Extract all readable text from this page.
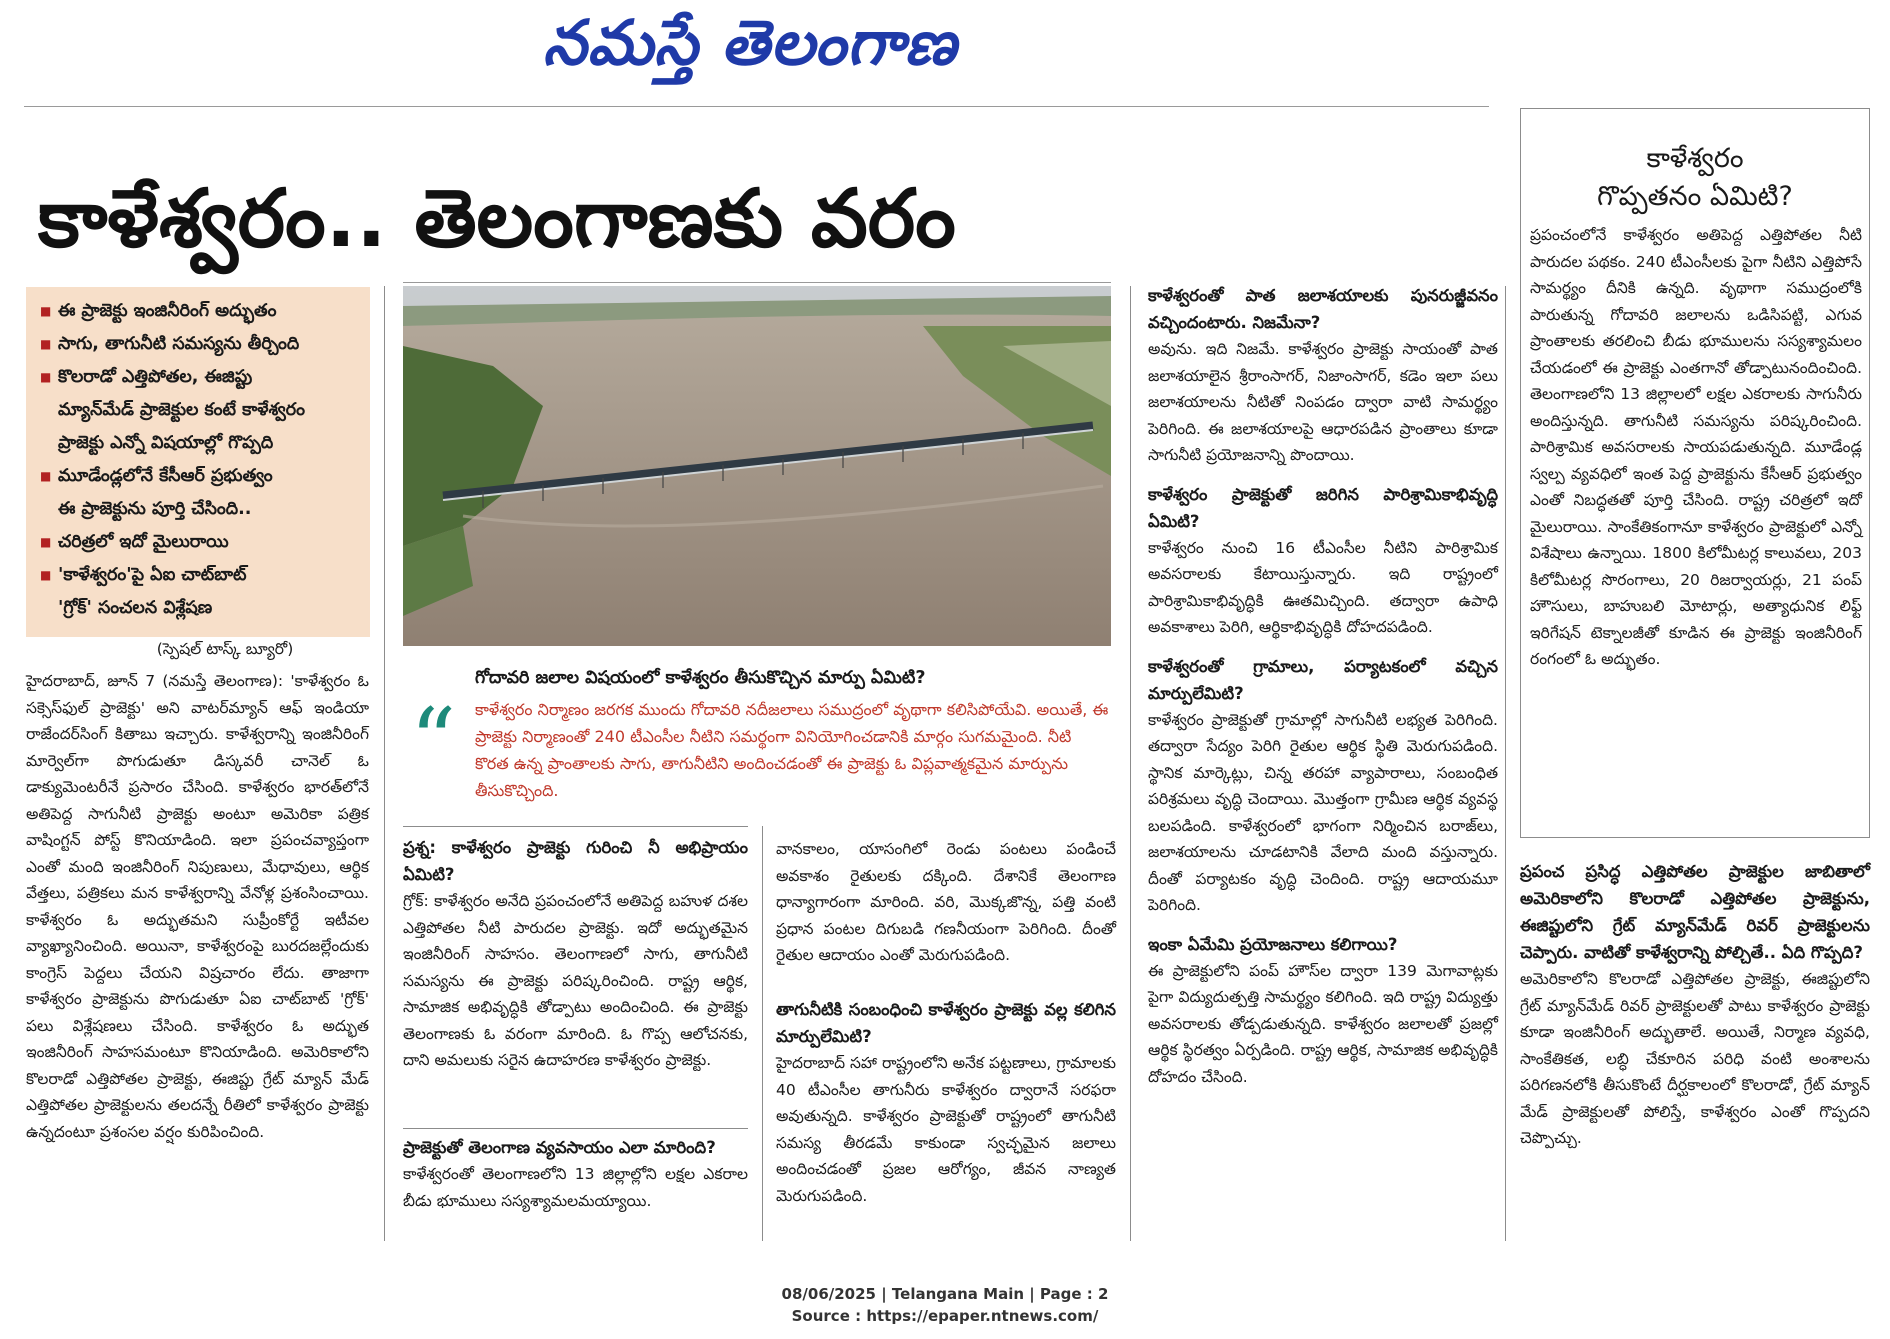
నమస్తే తెలంగాణ
కాళేశ్వరం.. తెలంగాణకు వరం
■ ఈ ప్రాజెక్టు ఇంజినీరింగ్ అద్భుతం
■ సాగు, తాగునీటి సమస్యను తీర్చింది
■ కొలరాడో ఎత్తిపోతల, ఈజిప్టు
మ్యాన్‌మేడ్ ప్రాజెక్టుల కంటే కాళేశ్వరం
ప్రాజెక్టు ఎన్నో విషయాల్లో గొప్పది
■ మూడేండ్లలోనే కేసీఆర్ ప్రభుత్వం
ఈ ప్రాజెక్టును పూర్తి చేసింది..
■ చరిత్రలో ఇదో మైలురాయి
■ 'కాళేశ్వరం'పై ఏఐ చాట్‌బాట్
'గ్రోక్' సంచలన విశ్లేషణ
గోదావరి జలాల విషయంలో కాళేశ్వరం తీసుకొచ్చిన మార్పు ఏమిటి?
“ కాళేశ్వరం నిర్మాణం జరగక ముందు గోదావరి నదీజలాలు సముద్రంలో వృథాగా కలిసిపోయేవి. అయితే, ఈ ప్రాజెక్టు నిర్మాణంతో 240 టీఎంసీల నీటిని సమర్థంగా వినియోగించడానికి మార్గం సుగమమైంది. నీటి కొరత ఉన్న ప్రాంతాలకు సాగు, తాగునీటిని అందించడంతో ఈ ప్రాజెక్టు ఓ విప్లవాత్మకమైన మార్పును తీసుకొచ్చింది.
(స్పెషల్ టాస్క్ బ్యూరో)

హైదరాబాద్, జూన్ 7 (నమస్తే తెలంగాణ): 'కాళేశ్వరం ఓ సక్సెస్‌ఫుల్ ప్రాజెక్టు' అని వాటర్‌మ్యాన్ ఆఫ్ ఇండియా రాజేందర్‌సింగ్ కితాబు ఇచ్చారు. కాళేశ్వరాన్ని ఇంజినీరింగ్ మార్వెల్‌గా పొగుడుతూ డిస్కవరీ చానెల్ ఓ డాక్యుమెంటరీనే ప్రసారం చేసింది. కాళేశ్వరం భారత్‌లోనే అతిపెద్ద సాగునీటి ప్రాజెక్టు అంటూ అమెరికా పత్రిక వాషింగ్టన్ పోస్ట్ కొనియాడింది. ఇలా ప్రపంచవ్యాప్తంగా ఎంతో మంది ఇంజినీరింగ్ నిపుణులు, మేధావులు, ఆర్థిక వేత్తలు, పత్రికలు మన కాళేశ్వరాన్ని వేనోళ్ల ప్రశంసించాయి. కాళేశ్వరం ఓ అద్భుతమని సుప్రీంకోర్టే ఇటీవల వ్యాఖ్యానించింది. అయినా, కాళేశ్వరంపై బురదజల్లేందుకు కాంగ్రెస్ పెద్దలు చేయని విష్రచారం లేదు. తాజాగా కాళేశ్వరం ప్రాజెక్టును పొగుడుతూ ఏఐ చాట్‌బాట్ 'గ్రోక్' పలు విశ్లేషణలు చేసింది. కాళేశ్వరం ఓ అద్భుత ఇంజినీరింగ్ సాహసమంటూ కొనియాడింది. అమెరికాలోని కొలరాడో ఎత్తిపోతల ప్రాజెక్టు, ఈజిప్టు గ్రేట్ మ్యాన్ మేడ్ ఎత్తిపోతల ప్రాజెక్టులను తలదన్నే రీతిలో కాళేశ్వరం ప్రాజెక్టు ఉన్నదంటూ ప్రశంసల వర్షం కురిపించింది.

ప్రశ్న: కాళేశ్వరం ప్రాజెక్టు గురించి నీ అభిప్రాయం ఏమిటి?

గ్రోక్: కాళేశ్వరం అనేది ప్రపంచంలోనే అతిపెద్ద బహుళ దశల ఎత్తిపోతల నీటి పారుదల ప్రాజెక్టు. ఇదో అద్భుతమైన ఇంజినీరింగ్ సాహసం. తెలంగాణలో సాగు, తాగునీటి సమస్యను ఈ ప్రాజెక్టు పరిష్కరించింది. రాష్ట్ర ఆర్థిక, సామాజిక అభివృద్ధికి తోడ్పాటు అందించింది. ఈ ప్రాజెక్టు తెలంగాణకు ఓ వరంగా మారింది. ఓ గొప్ప ఆలోచనకు, దాని అమలుకు సరైన ఉదాహరణ కాళేశ్వరం ప్రాజెక్టు.

ప్రాజెక్టుతో తెలంగాణ వ్యవసాయం ఎలా మారింది?

కాళేశ్వరంతో తెలంగాణలోని 13 జిల్లాల్లోని లక్షల ఎకరాల బీడు భూములు సస్యశ్యామలమయ్యాయి.

వానకాలం, యాసంగిలో రెండు పంటలు పండించే అవకాశం రైతులకు దక్కింది. దేశానికే తెలంగాణ ధాన్యాగారంగా మారింది. వరి, మొక్కజొన్న, పత్తి వంటి ప్రధాన పంటల దిగుబడి గణనీయంగా పెరిగింది. దీంతో రైతుల ఆదాయం ఎంతో మెరుగుపడింది.

తాగునీటికి సంబంధించి కాళేశ్వరం ప్రాజెక్టు వల్ల కలిగిన మార్పులేమిటి?

హైదరాబాద్ సహా రాష్ట్రంలోని అనేక పట్టణాలు, గ్రామాలకు 40 టీఎంసీల తాగునీరు కాళేశ్వరం ద్వారానే సరఫరా అవుతున్నది. కాళేశ్వరం ప్రాజెక్టుతో రాష్ట్రంలో తాగునీటి సమస్య తీరడమే కాకుండా స్వచ్ఛమైన జలాలు అందించడంతో ప్రజల ఆరోగ్యం, జీవన నాణ్యత మెరుగుపడింది.

కాళేశ్వరంతో పాత జలాశయాలకు పునరుజ్జీవనం వచ్చిందంటారు. నిజమేనా?

అవును. ఇది నిజమే. కాళేశ్వరం ప్రాజెక్టు సాయంతో పాత జలాశయాలైన శ్రీరాంసాగర్, నిజాంసాగర్, కడెం ఇలా పలు జలాశయాలను నీటితో నింపడం ద్వారా వాటి సామర్థ్యం పెరిగింది. ఈ జలాశయాలపై ఆధారపడిన ప్రాంతాలు కూడా సాగునీటి ప్రయోజనాన్ని పొందాయి.

కాళేశ్వరం ప్రాజెక్టుతో జరిగిన పారిశ్రామికాభివృద్ధి ఏమిటి?

కాళేశ్వరం నుంచి 16 టీఎంసీల నీటిని పారిశ్రామిక అవసరాలకు కేటాయిస్తున్నారు. ఇది రాష్ట్రంలో పారిశ్రామికాభివృద్ధికి ఊతమిచ్చింది. తద్వారా ఉపాధి అవకాశాలు పెరిగి, ఆర్థికాభివృద్ధికి దోహదపడింది.

కాళేశ్వరంతో గ్రామాలు, పర్యాటకంలో వచ్చిన మార్పులేమిటి?

కాళేశ్వరం ప్రాజెక్టుతో గ్రామాల్లో సాగునీటి లభ్యత పెరిగింది. తద్వారా సేద్యం పెరిగి రైతుల ఆర్థిక స్థితి మెరుగుపడింది. స్థానిక మార్కెట్లు, చిన్న తరహా వ్యాపారాలు, సంబంధిత పరిశ్రమలు వృద్ధి చెందాయి. మొత్తంగా గ్రామీణ ఆర్థిక వ్యవస్థ బలపడింది. కాళేశ్వరంలో భాగంగా నిర్మించిన బరాజ్‌లు, జలాశయాలను చూడటానికి వేలాది మంది వస్తున్నారు. దీంతో పర్యాటకం వృద్ధి చెందింది. రాష్ట్ర ఆదాయమూ పెరిగింది.

ఇంకా ఏమేమి ప్రయోజనాలు కలిగాయి?

ఈ ప్రాజెక్టులోని పంప్ హౌస్‌ల ద్వారా 139 మెగావాట్లకు పైగా విద్యుదుత్పత్తి సామర్థ్యం కలిగింది. ఇది రాష్ట్ర విద్యుత్తు అవసరాలకు తోడ్పడుతున్నది. కాళేశ్వరం జలాలతో ప్రజల్లో ఆర్థిక స్థిరత్వం ఏర్పడింది. రాష్ట్ర ఆర్థిక, సామాజిక అభివృద్ధికి దోహదం చేసింది.

కాళేశ్వరం
గొప్పతనం ఏమిటి?

ప్రపంచంలోనే కాళేశ్వరం అతిపెద్ద ఎత్తిపోతల నీటి పారుదల పథకం. 240 టీఎంసీలకు పైగా నీటిని ఎత్తిపోసే సామర్థ్యం దీనికి ఉన్నది. వృథాగా సముద్రంలోకి పారుతున్న గోదావరి జలాలను ఒడిసిపట్టి, ఎగువ ప్రాంతాలకు తరలించి బీడు భూములను సస్యశ్యామలం చేయడంలో ఈ ప్రాజెక్టు ఎంతగానో తోడ్పాటునందించింది. తెలంగాణలోని 13 జిల్లాలలో లక్షల ఎకరాలకు సాగునీరు అందిస్తున్నది. తాగునీటి సమస్యను పరిష్కరించింది. పారిశ్రామిక అవసరాలకు సాయపడుతున్నది. మూడేండ్ల స్వల్ప వ్యవధిలో ఇంత పెద్ద ప్రాజెక్టును కేసీఆర్ ప్రభుత్వం ఎంతో నిబద్ధతతో పూర్తి చేసింది. రాష్ట్ర చరిత్రలో ఇదో మైలురాయి. సాంకేతికంగానూ కాళేశ్వరం ప్రాజెక్టులో ఎన్నో విశేషాలు ఉన్నాయి. 1800 కిలోమీటర్ల కాలువలు, 203 కిలోమీటర్ల సొరంగాలు, 20 రిజర్వాయర్లు, 21 పంప్ హౌసులు, బాహుబలి మోటార్లు, అత్యాధునిక లిఫ్ట్ ఇరిగేషన్ టెక్నాలజీతో కూడిన ఈ ప్రాజెక్టు ఇంజినీరింగ్ రంగంలో ఓ అద్భుతం.

ప్రపంచ ప్రసిద్ధ ఎత్తిపోతల ప్రాజెక్టుల జాబితాలో అమెరికాలోని కొలరాడో ఎత్తిపోతల ప్రాజెక్టును, ఈజిప్టులోని గ్రేట్ మ్యాన్‌మేడ్ రివర్ ప్రాజెక్టులను చెప్పారు. వాటితో కాళేశ్వరాన్ని పోల్చితే.. ఏది గొప్పది?

అమెరికాలోని కొలరాడో ఎత్తిపోతల ప్రాజెక్టు, ఈజిప్టులోని గ్రేట్ మ్యాన్‌మేడ్ రివర్ ప్రాజెక్టులతో పాటు కాళేశ్వరం ప్రాజెక్టు కూడా ఇంజినీరింగ్ అద్భుతాలే. అయితే, నిర్మాణ వ్యవధి, సాంకేతికత, లబ్ధి చేకూరిన పరిధి వంటి అంశాలను పరిగణనలోకి తీసుకొంటే దీర్ఘకాలంలో కొలరాడో, గ్రేట్ మ్యాన్ మేడ్ ప్రాజెక్టులతో పోలిస్తే, కాళేశ్వరం ఎంతో గొప్పదని చెప్పొచ్చు.

08/06/2025 | Telangana Main | Page : 2
Source : https://epaper.ntnews.com/
